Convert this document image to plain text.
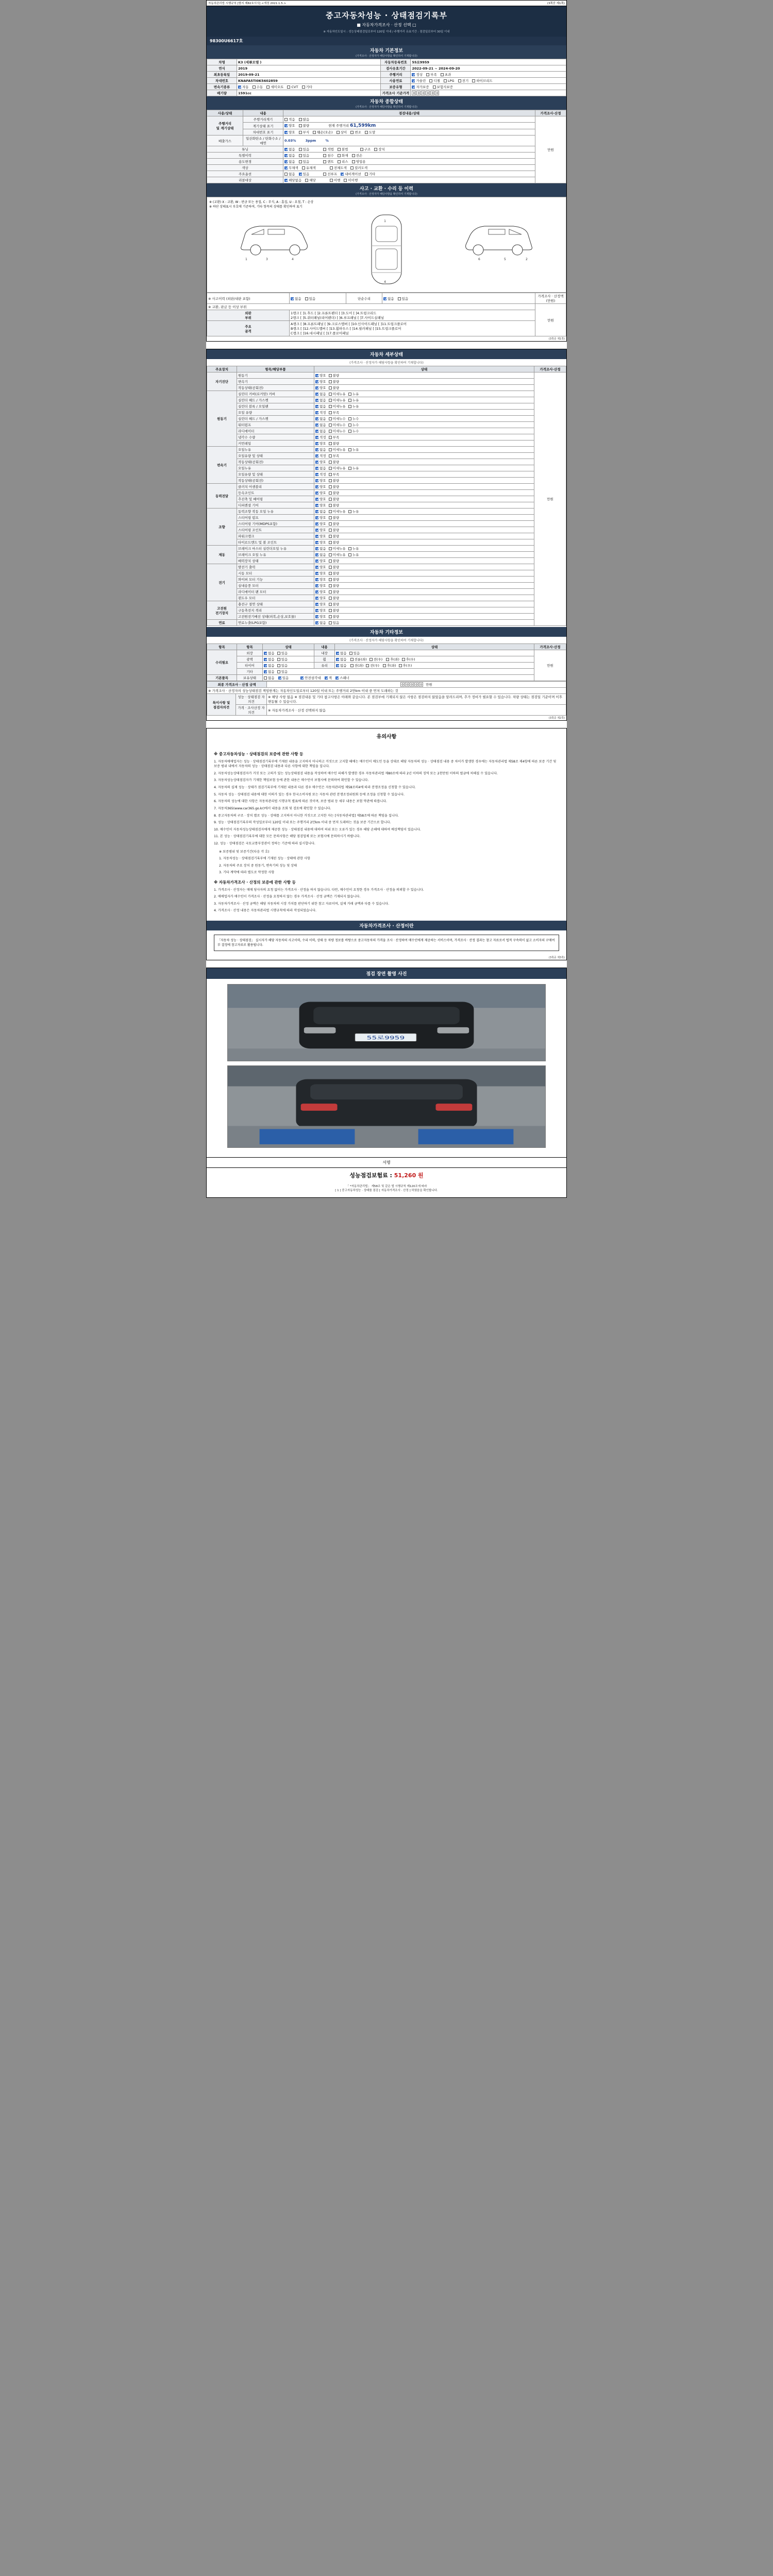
자동차관리법 시행규칙 [별지 제82호서식] <개정 2021.1.5.>	(3쪽중 제1쪽)
중고자동차성능 · 상태점검기록부
■ 자동차가격조사 · 산정 선택 □
※ 자동차인도일시 : 성능상태점검일로부터 120일 이내 / 주행거리 유효기간 : 점검일로부터 30일 이내
98300U6617호
자동차 기본정보
(가격조사 · 산정자가 해당사항을 확인하여 기재합니다)
차명	K3 (세单모델 )	자동차등록번호	55로9959
연식	2019	검사유효기간	2022-09-21 ~ 2024-09-20
최초등록일	2019-09-21	주행거리	정상 부족 초과
차대번호	KNAFA5TI0K5602859	사용연료	가솔린 디젤 LPG 전기 하이브리드
변속기종류	자동 수동 세미오토 CVT 기타	보증유형	자가보증 보험사보증
배기량	1591cc	가격조사 기준가격	0 0 0 0 0 0
자동차 종합상태
(가격조사 · 산정자가 해당사항을 확인하여 기재합니다)
사용/상태	내용	점검내용/상태	가격조사·산정
주행거리
및 계기상태	주행거리계기	적음 많음	만원
	계기상태 표기	양호 불량 현재 주행거리 61,599km	
	차대번호 표기	양호 부식 훼손(오손) 상이 변조 도말	
배출가스	일산화탄소 / 탄화수소 / 매연	0.03% 3ppm %	
튜닝		없음 있음 적법 불법 구조 장치	
특별이력		없음 있음 침수 화재 전손	
용도변경		없음 있음 렌트 리스 영업용	
색상		무채색 유채색 전체도색 컬러도색	
주요옵션		없음 있음 선루프 내비게이션 기타	
리콜대상		해당없음 해당 이행 미이행	
사고 · 교환 · 수리 등 이력
(가격조사 · 산정자가 해당사항을 확인하여 기재합니다)
※ (교환) X : 교환, W : 판금 또는 용접, C : 부식, A : 흠집, U : 요철, T : 손상
※ 하단 상태표시 부호에 기준하여, 기타 항목의 상태를 확인하여 표기
1	3	4
1
4
2
5
6
※ 사고이력 (외판/내판 포함)	없음 있음	단순수리	없음 있음	가격조사 · 산정액 (만원)

※ 교환, 판금 등 이상 부위				만원
외판
부위	
1랭크 [ ]1.후드 [ ]2.프론트펜더 [ ]3.도어 [ ]4.트렁크리드
2랭크 [ ]5.쿼터패널(리어펜더) [ ]6.루프패널 [ ]7.사이드실패널

주요
골격	
A랭크 [ ]8.프론트패널 [ ]9.크로스멤버 [ ]10.인사이드패널 [ ]11.트렁크플로어
B랭크 [ ]12.사이드멤버 [ ]13.휠하우스 [ ]14.필러패널 [ ]15.트렁크플로어
C랭크 [ ]16.대시패널 [ ]17.플로어패널
(3쪽중 제1쪽)
자동차 세부상태
(가격조사 · 산정자가 해당사항을 확인하여 기재합니다)
주요장치	항목/해당부품	상태	가격조사·산정
자기진단	원동기	양호 불량	만원
	변속기	양호 불량	
	작동상태(공회전)	양호 불량	
원동기	실린더 커버(로커암) 커버	없음 미세누유 누유	
	실린더 헤드 / 가스켓	없음 미세누유 누유	
	실린더 블록 / 오일팬	없음 미세누유 누유	
	오일 유량	적정 부족	
	실린더 헤드 / 가스켓	없음 미세누수 누수	
	워터펌프	없음 미세누수 누수	
	라디에이터	없음 미세누수 누수	
	냉각수 수량	적정 부족	
	커먼레일	양호 불량	
변속기	오일누유	없음 미세누유 누유	
	오일유량 및 상태	적정 부족	
	작동상태(공회전)	양호 불량	
	오일누유	없음 미세누유 누유	
	오일유량 및 상태	적정 부족	
	작동상태(공회전)	양호 불량	
동력전달	클러치 어셈블리	양호 불량	
	등속조인트	양호 불량	
	추진축 및 베어링	양호 불량	
	디퍼렌셜 기어	양호 불량	
조향	동력조향 작동 오일 누유	없음 미세누유 누유	
	스티어링 펌프	양호 불량	
	스티어링 기어(MDPS포함)	양호 불량	
	스티어링 조인트	양호 불량	
	파워크랭크	양호 불량	
	타이로드엔드 및 볼 조인트	양호 불량	
제동	브레이크 마스터 실린더오일 누유	없음 미세누유 누유	
	브레이크 오일 누유	없음 미세누유 누유	
	배력장치 상태	양호 불량	
전기	발전기 출력	양호 불량	
	시동 모터	양호 불량	
	와이퍼 모터 기능	양호 불량	
	실내송풍 모터	양호 불량	
	라디에이터 팬 모터	양호 불량	
	윈도우 모터	양호 불량	
고전원
전기장치	충전구 절연 상태	양호 불량	
	구동축전지 격리	양호 불량	
	고전원전기배선 상태(피복,손상,보호물)	양호 불량	
연료	연료누출(LPG포함)	없음 있음	
자동차 기타정보
(가격조사 · 산정자가 해당사항을 확인하여 기재합니다)
항목	항목	상태	내용	상태	가격조사·산정
수리필요	외장	없음 있음	내장	없음 있음	만원
	광택	없음 있음	휠	없음 전륜(좌) 전(우) 후(좌) 후(우)	
	타이어	없음 있음	유리	없음 전(좌) 전(우) 후(좌) 후(우)	
	기타	없음 있음			
기본품목	보유상태	없음 있음 안전삼각대 잭 스패너			
최종 가격조사 · 산정 금액	0 0 0 0 0	만원
※ 가격조사 · 산정자의 성능상태점검 책임한계는 자동차인도일로부터 120일 이내 또는 주행거리 2만km 이내 중 먼저 도래하는 것		
특이사항 및
점검자의견	성능 · 상태점검 자 의견	※ 해당 사항 없음 ※ 점검내용 및 기타 참고사항은 아래와 같습니다. 본 점검부에 기재되지 않은 사항은 점검하지 않았음을 알려드리며, 추가 정비가 필요할 수 있습니다. 차량 상태는 점검일 기준이며 이후 변동될 수 있습니다.
	가격 · 조사산정 자 의견	※ 자동차가격조사 · 산정 선택하지 않음
(3쪽중 제2쪽)
유의사항
※ 중고자동차성능 · 상태점검의 보증에 관한 사항 등

1. 자동차매매업자는 성능 · 상태점검기록부에 기재된 내용을 고지하지 아니하고 거짓으로 고지할 때에는 매수인이 매도인 등을 상대로 해당 자동차의 성능 · 상태점검 내용 중 차이가 발생한 경우에는 자동차관리법 제58조 제4항에 따른 보증 기간 및 보증 범위 내에서 자동차의 성능 · 상태점검 내용과 다른 사항에 대한 책임을 집니다.

2. 자동차성능상태점검자가 거짓 또는 고의가 있는 성능상태점검 내용을 작성하여 매수인 피해가 발생한 경우 자동차관리법 제80조에 따라 2년 이하의 징역 또는 2천만원 이하의 벌금에 처해질 수 있습니다.

3. 자동차성능상태점검자가 기재한 책임보험 등에 관한 내용은 매수인이 보험사에 문의하여 확인할 수 있습니다.

4. 자동차의 실제 성능 · 상태가 점검기록부에 기재된 내용과 다른 경우 매수인은 자동차관리법 제58조의4에 따라 분쟁조정을 신청할 수 있습니다.

5. 자동차 성능 · 상태점검 내용에 대한 이의가 있는 경우 한국소비자원 또는 자동차 관련 분쟁조정위원회 등에 조정을 신청할 수 있습니다.

6. 자동차의 성능에 대한 사항은 자동차관리법 시행규칙 별표에 따른 것이며, 보증 범위 등 세부 내용은 보험 약관에 따릅니다.

7. 자동차365(www.car365.go.kr)에서 내용을 조회 및 검토에 확인할 수 있습니다.

8. 중고자동차의 구조 · 장치 별로 성능 · 상태를 고지하지 아니한 거짓으로 고지한 자는 [자동차관리법] 제58조에 따른 책임을 집니다.

9. 성능 · 상태점검기록부의 작성일로부터 120일 이내 또는 주행거리 2만km 이내 중 먼저 도래하는 것을 보증 기간으로 합니다.

10. 매수인이 자동차성능상태점검자에게 제공한 성능 · 상태점검 내용에 대하여 허위 또는 오류가 있는 경우 해당 손해에 대하여 배상책임이 있습니다.

11. 본 성능 · 상태점검기록부에 대한 모든 문의사항은 해당 점검업체 또는 보험사에 문의하시기 바랍니다.

12. 성능 · 상태점검은 국토교통부장관이 정하는 기준에 따라 실시합니다.

※ 보증범위 및 보증기간(다음 각 호)

1. 자동차성능 · 상태점검기록부에 기재된 성능 · 상태에 관한 사항

2. 자동차의 주요 장치 중 원동기, 변속기의 성능 및 상태

3. 기타 계약에 따라 별도로 약정한 사항

※ 자동차가격조사 · 산정의 보증에 관한 사항 등

1. 가격조사 · 산정자는 매매 당사자의 요청 없이는 가격조사 · 산정을 하지 않습니다. 다만, 매수인이 요청한 경우 가격조사 · 산정을 의뢰할 수 있습니다.

2. 매매업자가 매수인이 가격조사 · 산정을 요청하지 않는 경우 가격조사 · 산정 금액은 기재되지 않습니다.

3. 자동차가격조사 · 산정 금액은 해당 자동차의 시장 가치를 판단하기 위한 참고 자료이며, 실제 거래 금액과 다를 수 있습니다.

4. 가격조사 · 산정 내용은 자동차관리법 시행규칙에 따라 작성되었습니다.

자동차가격조사 · 산정이란
「자동차 성능 · 상태점검」 실시자가 해당 자동차의 사고이력, 수리 이력, 상태 등 차량 정보를 바탕으로 중고자동차의 가격을 조사 · 산정하여 매수인에게 제공하는 서비스이며, 가격조사 · 산정 결과는 참고 자료로서 법적 구속력이 없고 소비자의 구매여부 결정에 참고자료로 활용됩니다.
(3쪽중 제3쪽)
점검 장면 촬영 사진
55로9959
서명
성능점검보험료 : 51,260 원
「 *자동차관리법」 제58조 및 같은 법 시행규칙 제120조에 따라
[ 1 ] 중고자동차성능 · 상태를 점검 [ 자동차가격조사 · 산정 ] 하였음을 확인합니다.
